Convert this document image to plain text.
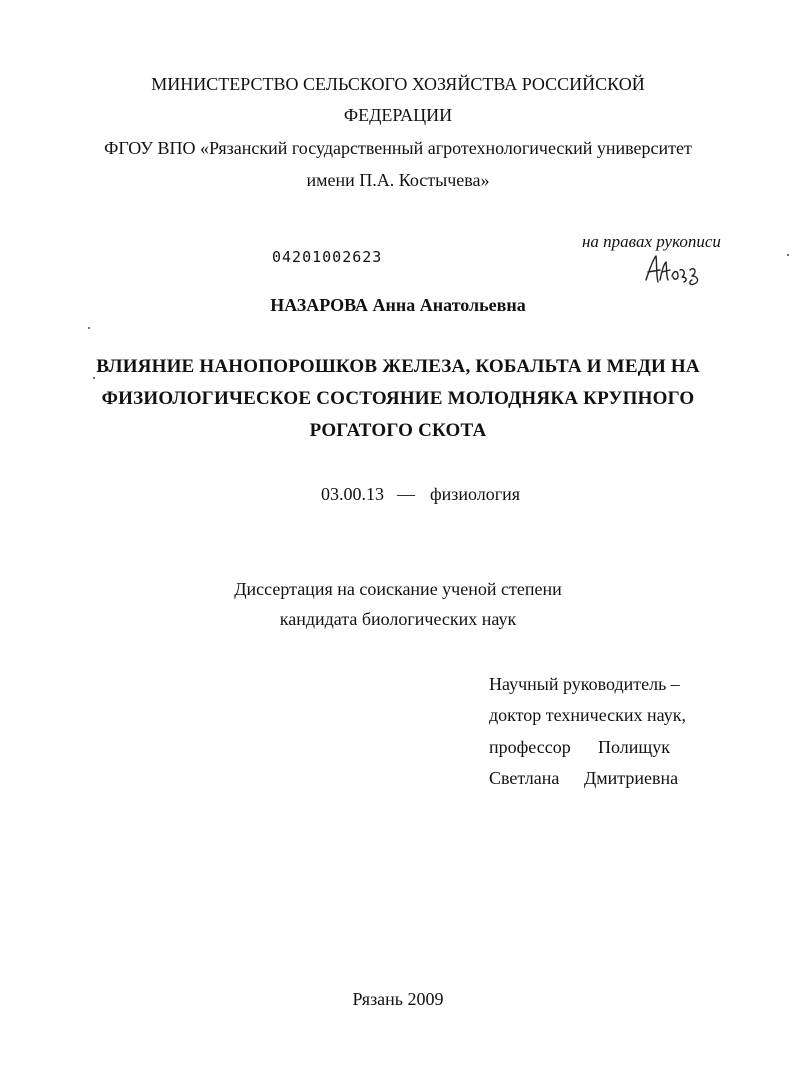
МИНИСТЕРСТВО СЕЛЬСКОГО ХОЗЯЙСТВА РОССИЙСКОЙ
ФЕДЕРАЦИИ
ФГОУ ВПО «Рязанский государственный агротехнологический университет
имени П.А. Костычева»
04201002623
на правах рукописи
НАЗАРОВА Анна Анатольевна
ВЛИЯНИЕ НАНОПОРОШКОВ ЖЕЛЕЗА, КОБАЛЬТА И МЕДИ НА
ФИЗИОЛОГИЧЕСКОЕ СОСТОЯНИЕ МОЛОДНЯКА КРУПНОГО
РОГАТОГО СКОТА
03.00.13 — физиология
Диссертация на соискание ученой степени
кандидата биологических наук
Научный руководитель –
доктор технических наук,
профессор Полищук
Светлана Дмитриевна
Рязань 2009
